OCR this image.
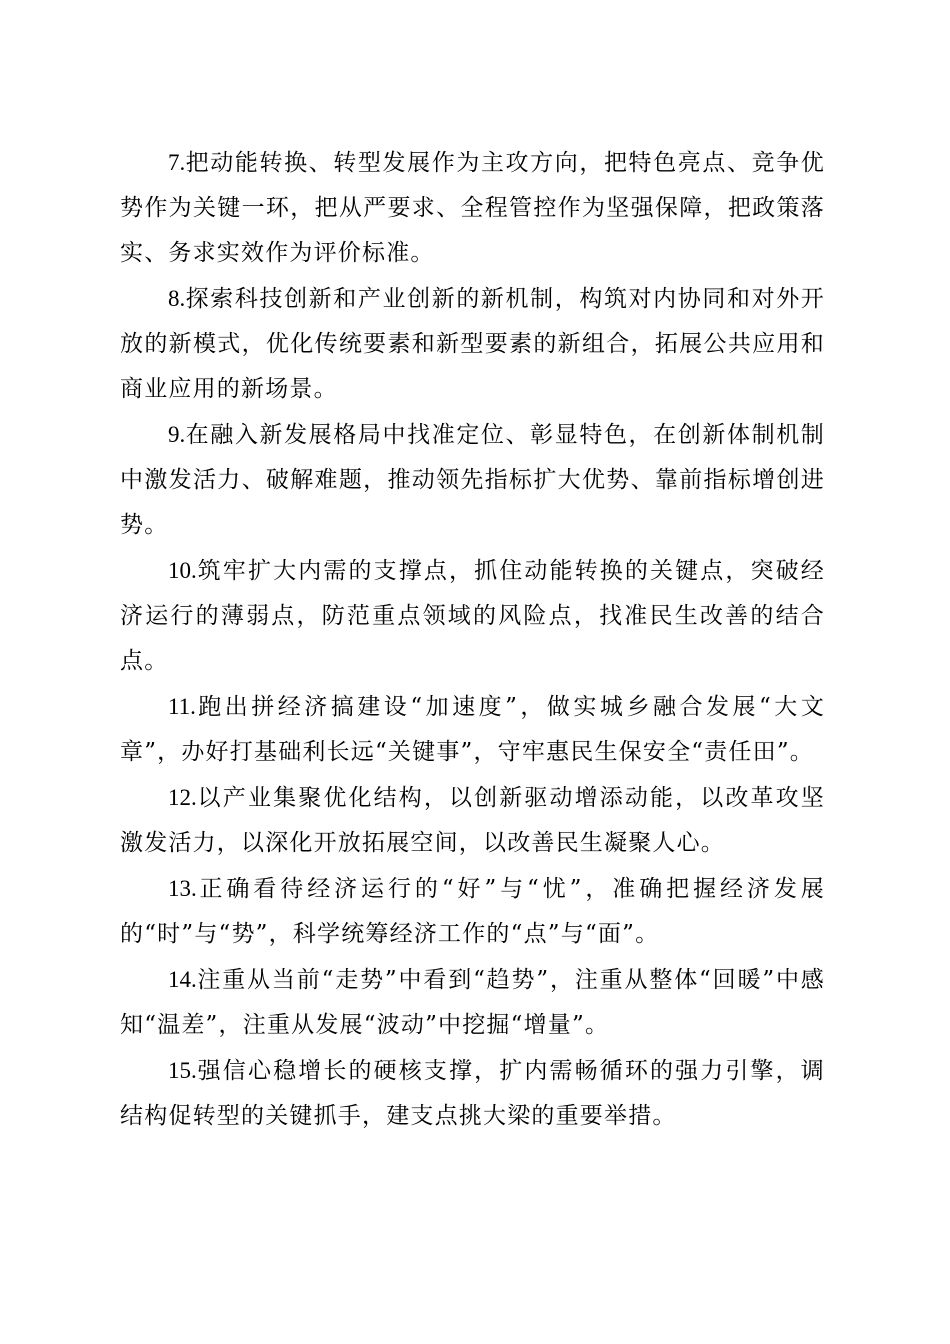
7.把动能转换、转型发展作为主攻方向，把特色亮点、竞争优势作为关键一环，把从严要求、全程管控作为坚强保障，把政策落实、务求实效作为评价标准。

8.探索科技创新和产业创新的新机制，构筑对内协同和对外开放的新模式，优化传统要素和新型要素的新组合，拓展公共应用和商业应用的新场景。

9.在融入新发展格局中找准定位、彰显特色，在创新体制机制中激发活力、破解难题，推动领先指标扩大优势、靠前指标增创进势。

10.筑牢扩大内需的支撑点，抓住动能转换的关键点，突破经济运行的薄弱点，防范重点领域的风险点，找准民生改善的结合点。

11.跑出拼经济搞建设“加速度”，做实城乡融合发展“大文章”，办好打基础利长远“关键事”，守牢惠民生保安全“责任田”。

12.以产业集聚优化结构，以创新驱动增添动能，以改革攻坚激发活力，以深化开放拓展空间，以改善民生凝聚人心。

13.正确看待经济运行的“好”与“忧”，准确把握经济发展的“时”与“势”，科学统筹经济工作的“点”与“面”。

14.注重从当前“走势”中看到“趋势”，注重从整体“回暖”中感知“温差”，注重从发展“波动”中挖掘“增量”。

15.强信心稳增长的硬核支撑，扩内需畅循环的强力引擎，调结构促转型的关键抓手，建支点挑大梁的重要举措。
